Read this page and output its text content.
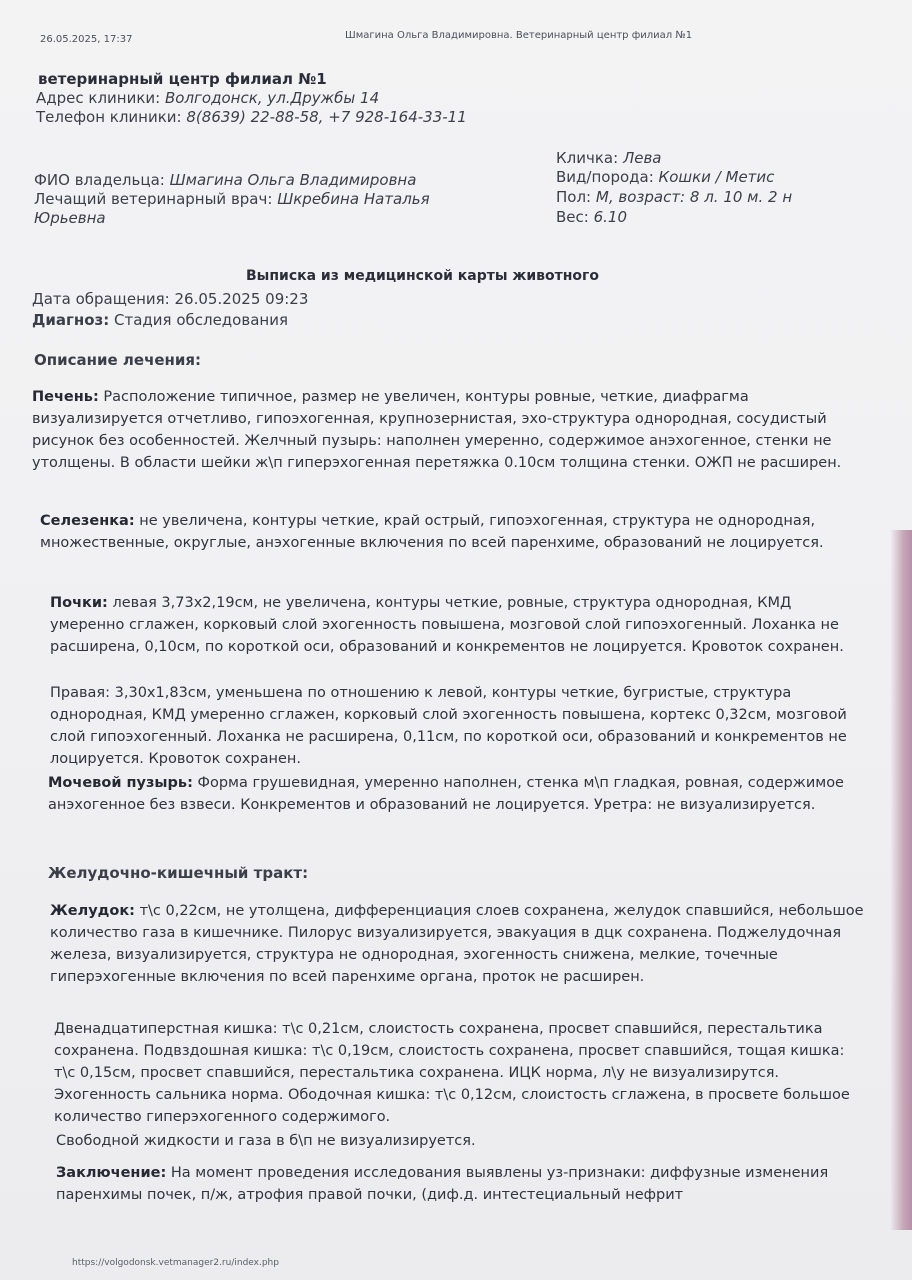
26.05.2025, 17:37	Шмагина Ольга Владимировна. Ветеринарный центр филиал №1
ветеринарный центр филиал №1
Адрес клиники: Волгодонск, ул.Дружбы 14
Телефон клиники: 8(8639) 22-88-58, +7 928-164-33-11
ФИО владельца: Шмагина Ольга Владимировна
Лечащий ветеринарный врач: Шкребина Наталья
Юрьевна
Кличка: Лева
Вид/порода: Кошки / Метис
Пол: М, возраст: 8 л. 10 м. 2 н
Вес: 6.10
Выписка из медицинской карты животного
Дата обращения: 26.05.2025 09:23
Диагноз: Стадия обследования
Описание лечения:
Печень: Расположение типичное, размер не увеличен, контуры ровные, четкие, диафрагма визуализируется отчетливо, гипоэхогенная, крупнозернистая, эхо-структура однородная, сосудистый рисунок без особенностей. Желчный пузырь: наполнен умеренно, содержимое анэхогенное, стенки не утолщены. В области шейки ж\п гиперэхогенная перетяжка 0.10см толщина стенки. ОЖП не расширен.
Селезенка: не увеличена, контуры четкие, край острый, гипоэхогенная, структура не однородная, множественные, округлые, анэхогенные включения по всей паренхиме, образований не лоцируется.
Почки: левая 3,73х2,19см, не увеличена, контуры четкие, ровные, структура однородная, КМД умеренно сглажен, корковый слой эхогенность повышена, мозговой слой гипоэхогенный. Лоханка не расширена, 0,10см, по короткой оси, образований и конкрементов не лоцируется. Кровоток сохранен.
Правая: 3,30х1,83см, уменьшена по отношению к левой, контуры четкие, бугристые, структура однородная, КМД умеренно сглажен, корковый слой эхогенность повышена, кортекс 0,32см, мозговой слой гипоэхогенный. Лоханка не расширена, 0,11см, по короткой оси, образований и конкрементов не лоцируется. Кровоток сохранен.
Мочевой пузырь: Форма грушевидная, умеренно наполнен, стенка м\п гладкая, ровная, содержимое анэхогенное без взвеси. Конкрементов и образований не лоцируется. Уретра: не визуализируется.
Желудочно-кишечный тракт:
Желудок: т\с 0,22см, не утолщена, дифференциация слоев сохранена, желудок спавшийся, небольшое количество газа в кишечнике. Пилорус визуализируется, эвакуация в дцк сохранена. Поджелудочная железа, визуализируется, структура не однородная, эхогенность снижена, мелкие, точечные гиперэхогенные включения по всей паренхиме органа, проток не расширен.
Двенадцатиперстная кишка: т\с 0,21см, слоистость сохранена, просвет спавшийся, перестальтика сохранена. Подвздошная кишка: т\с 0,19см, слоистость сохранена, просвет спавшийся, тощая кишка: т\с 0,15см, просвет спавшийся, перестальтика сохранена. ИЦК норма, л\у не визуализирутся. Эхогенность сальника норма. Ободочная кишка: т\с 0,12см, слоистость сглажена, в просвете большое количество гиперэхогенного содержимого.
Свободной жидкости и газа в б\п не визуализируется.
Заключение: На момент проведения исследования выявлены уз-признаки: диффузные изменения паренхимы почек, п/ж, атрофия правой почки, (диф.д. интестециальный нефрит
https://volgodonsk.vetmanager2.ru/index.php
